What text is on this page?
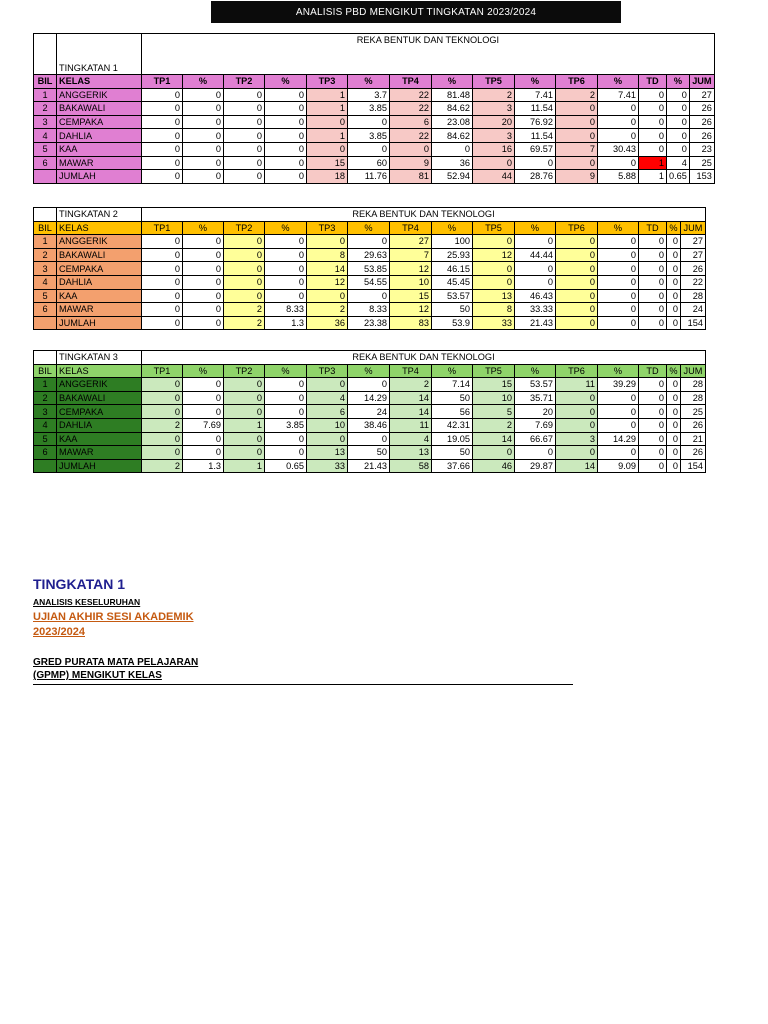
ANALISIS PBD MENGIKUT TINGKATAN 2023/2024
	TINGKATAN 1	REKA BENTUK DAN TEKNOLOGI														
BIL	KELAS	TP1	%	TP2	%	TP3	%	TP4	%	TP5	%	TP6	%	TD	%	JUM
1	ANGGERIK	0	0	0	0	1	3.7	22	81.48	2	7.41	2	7.41	0	0	27
2	BAKAWALI	0	0	0	0	1	3.85	22	84.62	3	11.54	0	0	0	0	26
3	CEMPAKA	0	0	0	0	0	0	6	23.08	20	76.92	0	0	0	0	26
4	DAHLIA	0	0	0	0	1	3.85	22	84.62	3	11.54	0	0	0	0	26
5	KAA	0	0	0	0	0	0	0	0	16	69.57	7	30.43	0	0	23
6	MAWAR	0	0	0	0	15	60	9	36	0	0	0	0	1	4	25
	JUMLAH	0	0	0	0	18	11.76	81	52.94	44	28.76	9	5.88	1	0.65	153
	TINGKATAN 2	REKA BENTUK DAN TEKNOLOGI														
BIL	KELAS	TP1	%	TP2	%	TP3	%	TP4	%	TP5	%	TP6	%	TD	%	JUM
1	ANGGERIK	0	0	0	0	0	0	27	100	0	0	0	0	0	0	27
2	BAKAWALI	0	0	0	0	8	29.63	7	25.93	12	44.44	0	0	0	0	27
3	CEMPAKA	0	0	0	0	14	53.85	12	46.15	0	0	0	0	0	0	26
4	DAHLIA	0	0	0	0	12	54.55	10	45.45	0	0	0	0	0	0	22
5	KAA	0	0	0	0	0	0	15	53.57	13	46.43	0	0	0	0	28
6	MAWAR	0	0	2	8.33	2	8.33	12	50	8	33.33	0	0	0	0	24
	JUMLAH	0	0	2	1.3	36	23.38	83	53.9	33	21.43	0	0	0	0	154
	TINGKATAN 3	REKA BENTUK DAN TEKNOLOGI														
BIL	KELAS	TP1	%	TP2	%	TP3	%	TP4	%	TP5	%	TP6	%	TD	%	JUM
1	ANGGERIK	0	0	0	0	0	0	2	7.14	15	53.57	11	39.29	0	0	28
2	BAKAWALI	0	0	0	0	4	14.29	14	50	10	35.71	0	0	0	0	28
3	CEMPAKA	0	0	0	0	6	24	14	56	5	20	0	0	0	0	25
4	DAHLIA	2	7.69	1	3.85	10	38.46	11	42.31	2	7.69	0	0	0	0	26
5	KAA	0	0	0	0	0	0	4	19.05	14	66.67	3	14.29	0	0	21
6	MAWAR	0	0	0	0	13	50	13	50	0	0	0	0	0	0	26
	JUMLAH	2	1.3	1	0.65	33	21.43	58	37.66	46	29.87	14	9.09	0	0	154
TINGKATAN 1
ANALISIS KESELURUHAN
UJIAN AKHIR SESI AKADEMIK
2023/2024
GRED PURATA MATA PELAJARAN
(GPMP) MENGIKUT KELAS
